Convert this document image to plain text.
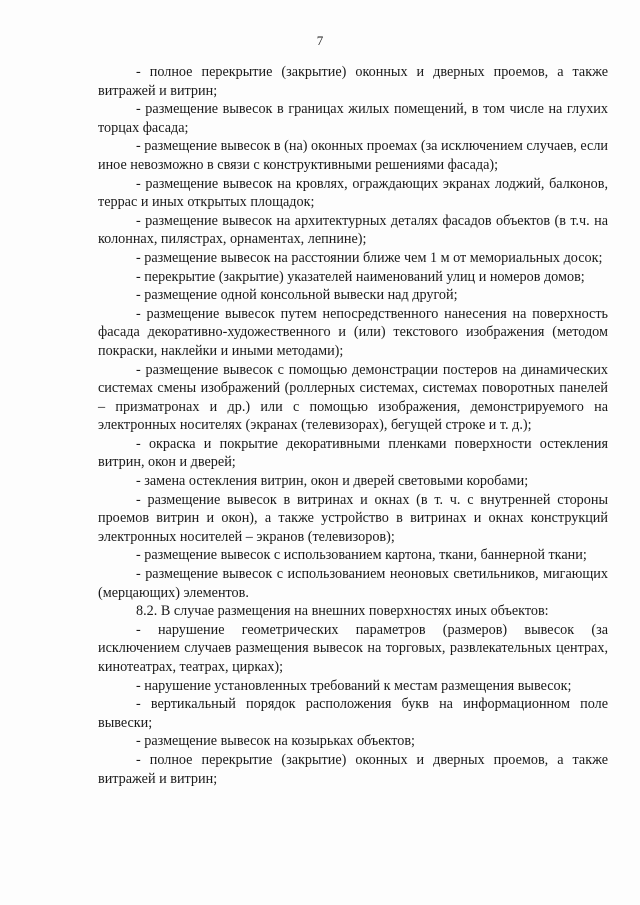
7

- полное перекрытие (закрытие) оконных и дверных проемов, а также витражей и витрин;

- размещение вывесок в границах жилых помещений, в том числе на глухих торцах фасада;

- размещение вывесок в (на) оконных проемах (за исключением случаев, если иное невозможно в связи с конструктивными решениями фасада);

- размещение вывесок на кровлях, ограждающих экранах лоджий, балконов, террас и иных открытых площадок;

- размещение вывесок на архитектурных деталях фасадов объектов (в т.ч. на колоннах, пилястрах, орнаментах, лепнине);

- размещение вывесок на расстоянии ближе чем 1 м от мемориальных досок;

- перекрытие (закрытие) указателей наименований улиц и номеров домов;

- размещение одной консольной вывески над другой;

- размещение вывесок путем непосредственного нанесения на поверхность фасада декоративно-художественного и (или) текстового изображения (методом покраски, наклейки и иными методами);

- размещение вывесок с помощью демонстрации постеров на динамических системах смены изображений (роллерных системах, системах поворотных панелей – призматронах и др.) или с помощью изображения, демонстрируемого на электронных носителях (экранах (телевизорах), бегущей строке и т. д.);

- окраска и покрытие декоративными пленками поверхности остекления витрин, окон и дверей;

- замена остекления витрин, окон и дверей световыми коробами;

- размещение вывесок в витринах и окнах (в т. ч. с внутренней стороны проемов витрин и окон), а также устройство в витринах и окнах конструкций электронных носителей – экранов (телевизоров);

- размещение вывесок с использованием картона, ткани, баннерной ткани;

- размещение вывесок с использованием неоновых светильников, мигающих (мерцающих) элементов.

8.2. В случае размещения на внешних поверхностях иных объектов:

- нарушение геометрических параметров (размеров) вывесок (за исключением случаев размещения вывесок на торговых, развлекательных центрах, кинотеатрах, театрах, цирках);

- нарушение установленных требований к местам размещения вывесок;

- вертикальный порядок расположения букв на информационном поле вывески;

- размещение вывесок на козырьках объектов;

- полное перекрытие (закрытие) оконных и дверных проемов, а также витражей и витрин;
